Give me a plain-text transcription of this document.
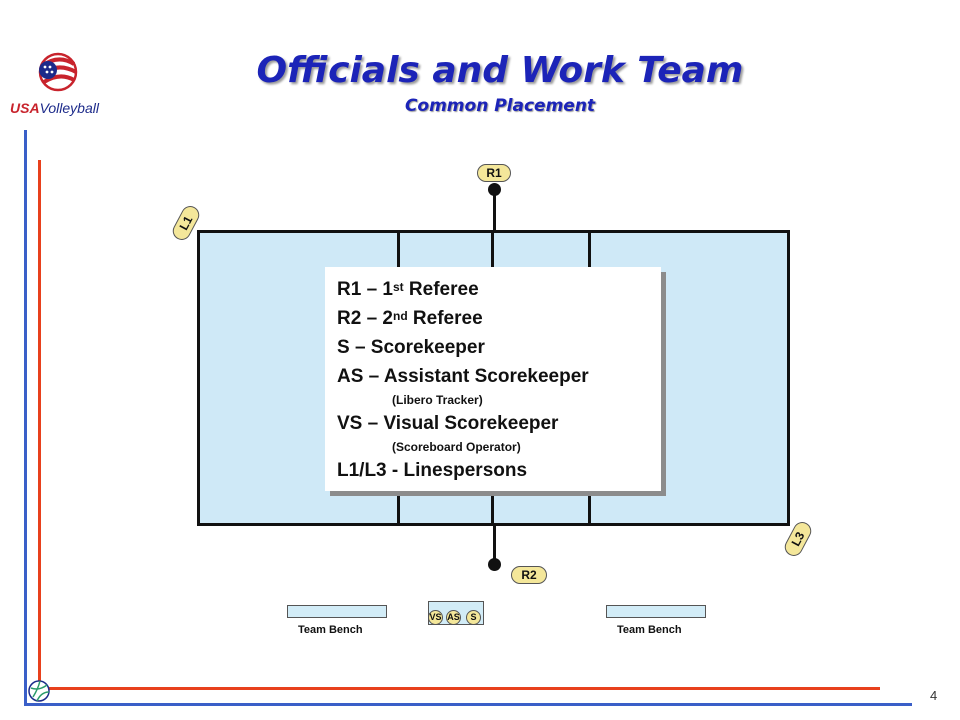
USAVolleyball
Officials and Work Team
Common Placement
R1
R2
L1
L3
R1 – 1st Referee
R2 – 2nd Referee
S – Scorekeeper
AS – Assistant Scorekeeper
(Libero Tracker)
VS – Visual Scorekeeper
(Scoreboard Operator)
L1/L3 - Linespersons
Team Bench	Team Bench
VS AS	S
4
